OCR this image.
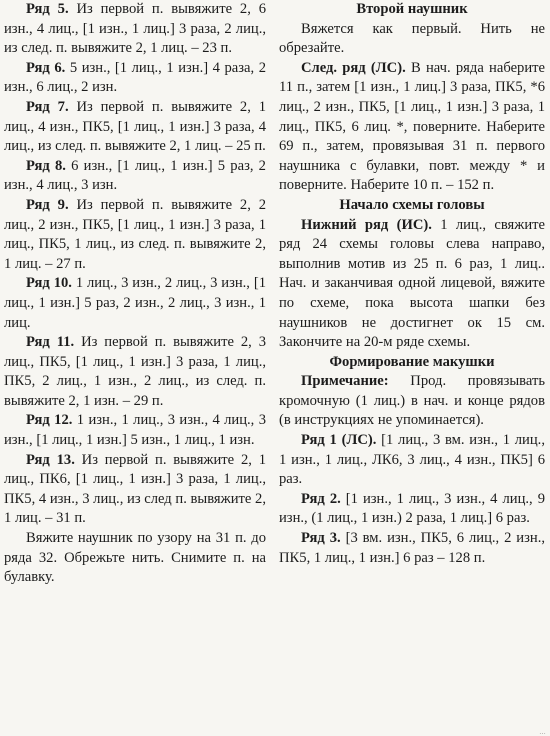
Ряд 5. Из первой п. вывяжите 2, 6 изн., 4 лиц., [1 изн., 1 лиц.] 3 раза, 2 лиц., из след. п. вывяжите 2, 1 лиц. – 23 п.

Ряд 6. 5 изн., [1 лиц., 1 изн.] 4 раза, 2 изн., 6 лиц., 2 изн.

Ряд 7. Из первой п. вывяжите 2, 1 лиц., 4 изн., ПК5, [1 лиц., 1 изн.] 3 раза, 4 лиц., из след. п. вывяжите 2, 1 лиц. – 25 п.

Ряд 8. 6 изн., [1 лиц., 1 изн.] 5 раз, 2 изн., 4 лиц., 3 изн.

Ряд 9. Из первой п. вывяжите 2, 2 лиц., 2 изн., ПК5, [1 лиц., 1 изн.] 3 раза, 1 лиц., ПК5, 1 лиц., из след. п. вывяжите 2, 1 лиц. – 27 п.

Ряд 10. 1 лиц., 3 изн., 2 лиц., 3 изн., [1 лиц., 1 изн.] 5 раз, 2 изн., 2 лиц., 3 изн., 1 лиц.

Ряд 11. Из первой п. вывяжите 2, 3 лиц., ПК5, [1 лиц., 1 изн.] 3 раза, 1 лиц., ПК5, 2 лиц., 1 изн., 2 лиц., из след. п. вывяжите 2, 1 изн. – 29 п.

Ряд 12. 1 изн., 1 лиц., 3 изн., 4 лиц., 3 изн., [1 лиц., 1 изн.] 5 изн., 1 лиц., 1 изн.

Ряд 13. Из первой п. вывяжите 2, 1 лиц., ПК6, [1 лиц., 1 изн.] 3 раза, 1 лиц., ПК5, 4 изн., 3 лиц., из след п. вывяжите 2, 1 лиц. – 31 п.

Вяжите наушник по узору на 31 п. до ряда 32. Обрежьте нить. Снимите п. на булавку.

Второй наушник

Вяжется как первый. Нить не обрезайте.

След. ряд (ЛС). В нач. ряда наберите 11 п., затем [1 изн., 1 лиц.] 3 раза, ПК5, *6 лиц., 2 изн., ПК5, [1 лиц., 1 изн.] 3 раза, 1 лиц., ПК5, 6 лиц. *, повернитe. Наберите 69 п., затем, провязывая 31 п. первого наушника с булавки, повт. между * и повернитe. Наберите 10 п. – 152 п.

Начало схемы головы

Нижний ряд (ИС). 1 лиц., свяжите ряд 24 схемы головы слева направо, выполнив мотив из 25 п. 6 раз, 1 лиц.. Нач. и заканчивая одной лицевой, вяжите по схеме, пока высота шапки без наушников не достигнет ок 15 см. Закончите на 20-м ряде схемы.

Формирование макушки

Примечание: Прод. провязывать кромочную (1 лиц.) в нач. и конце рядов (в инструкциях не упоминается).

Ряд 1 (ЛС). [1 лиц., 3 вм. изн., 1 лиц., 1 изн., 1 лиц., ЛК6, 3 лиц., 4 изн., ПК5] 6 раз.

Ряд 2. [1 изн., 1 лиц., 3 изн., 4 лиц., 9 изн., (1 лиц., 1 изн.) 2 раза, 1 лиц.] 6 раз.

Ряд 3. [3 вм. изн., ПК5, 6 лиц., 2 изн., ПК5, 1 лиц., 1 изн.] 6 раз – 128 п.

…
